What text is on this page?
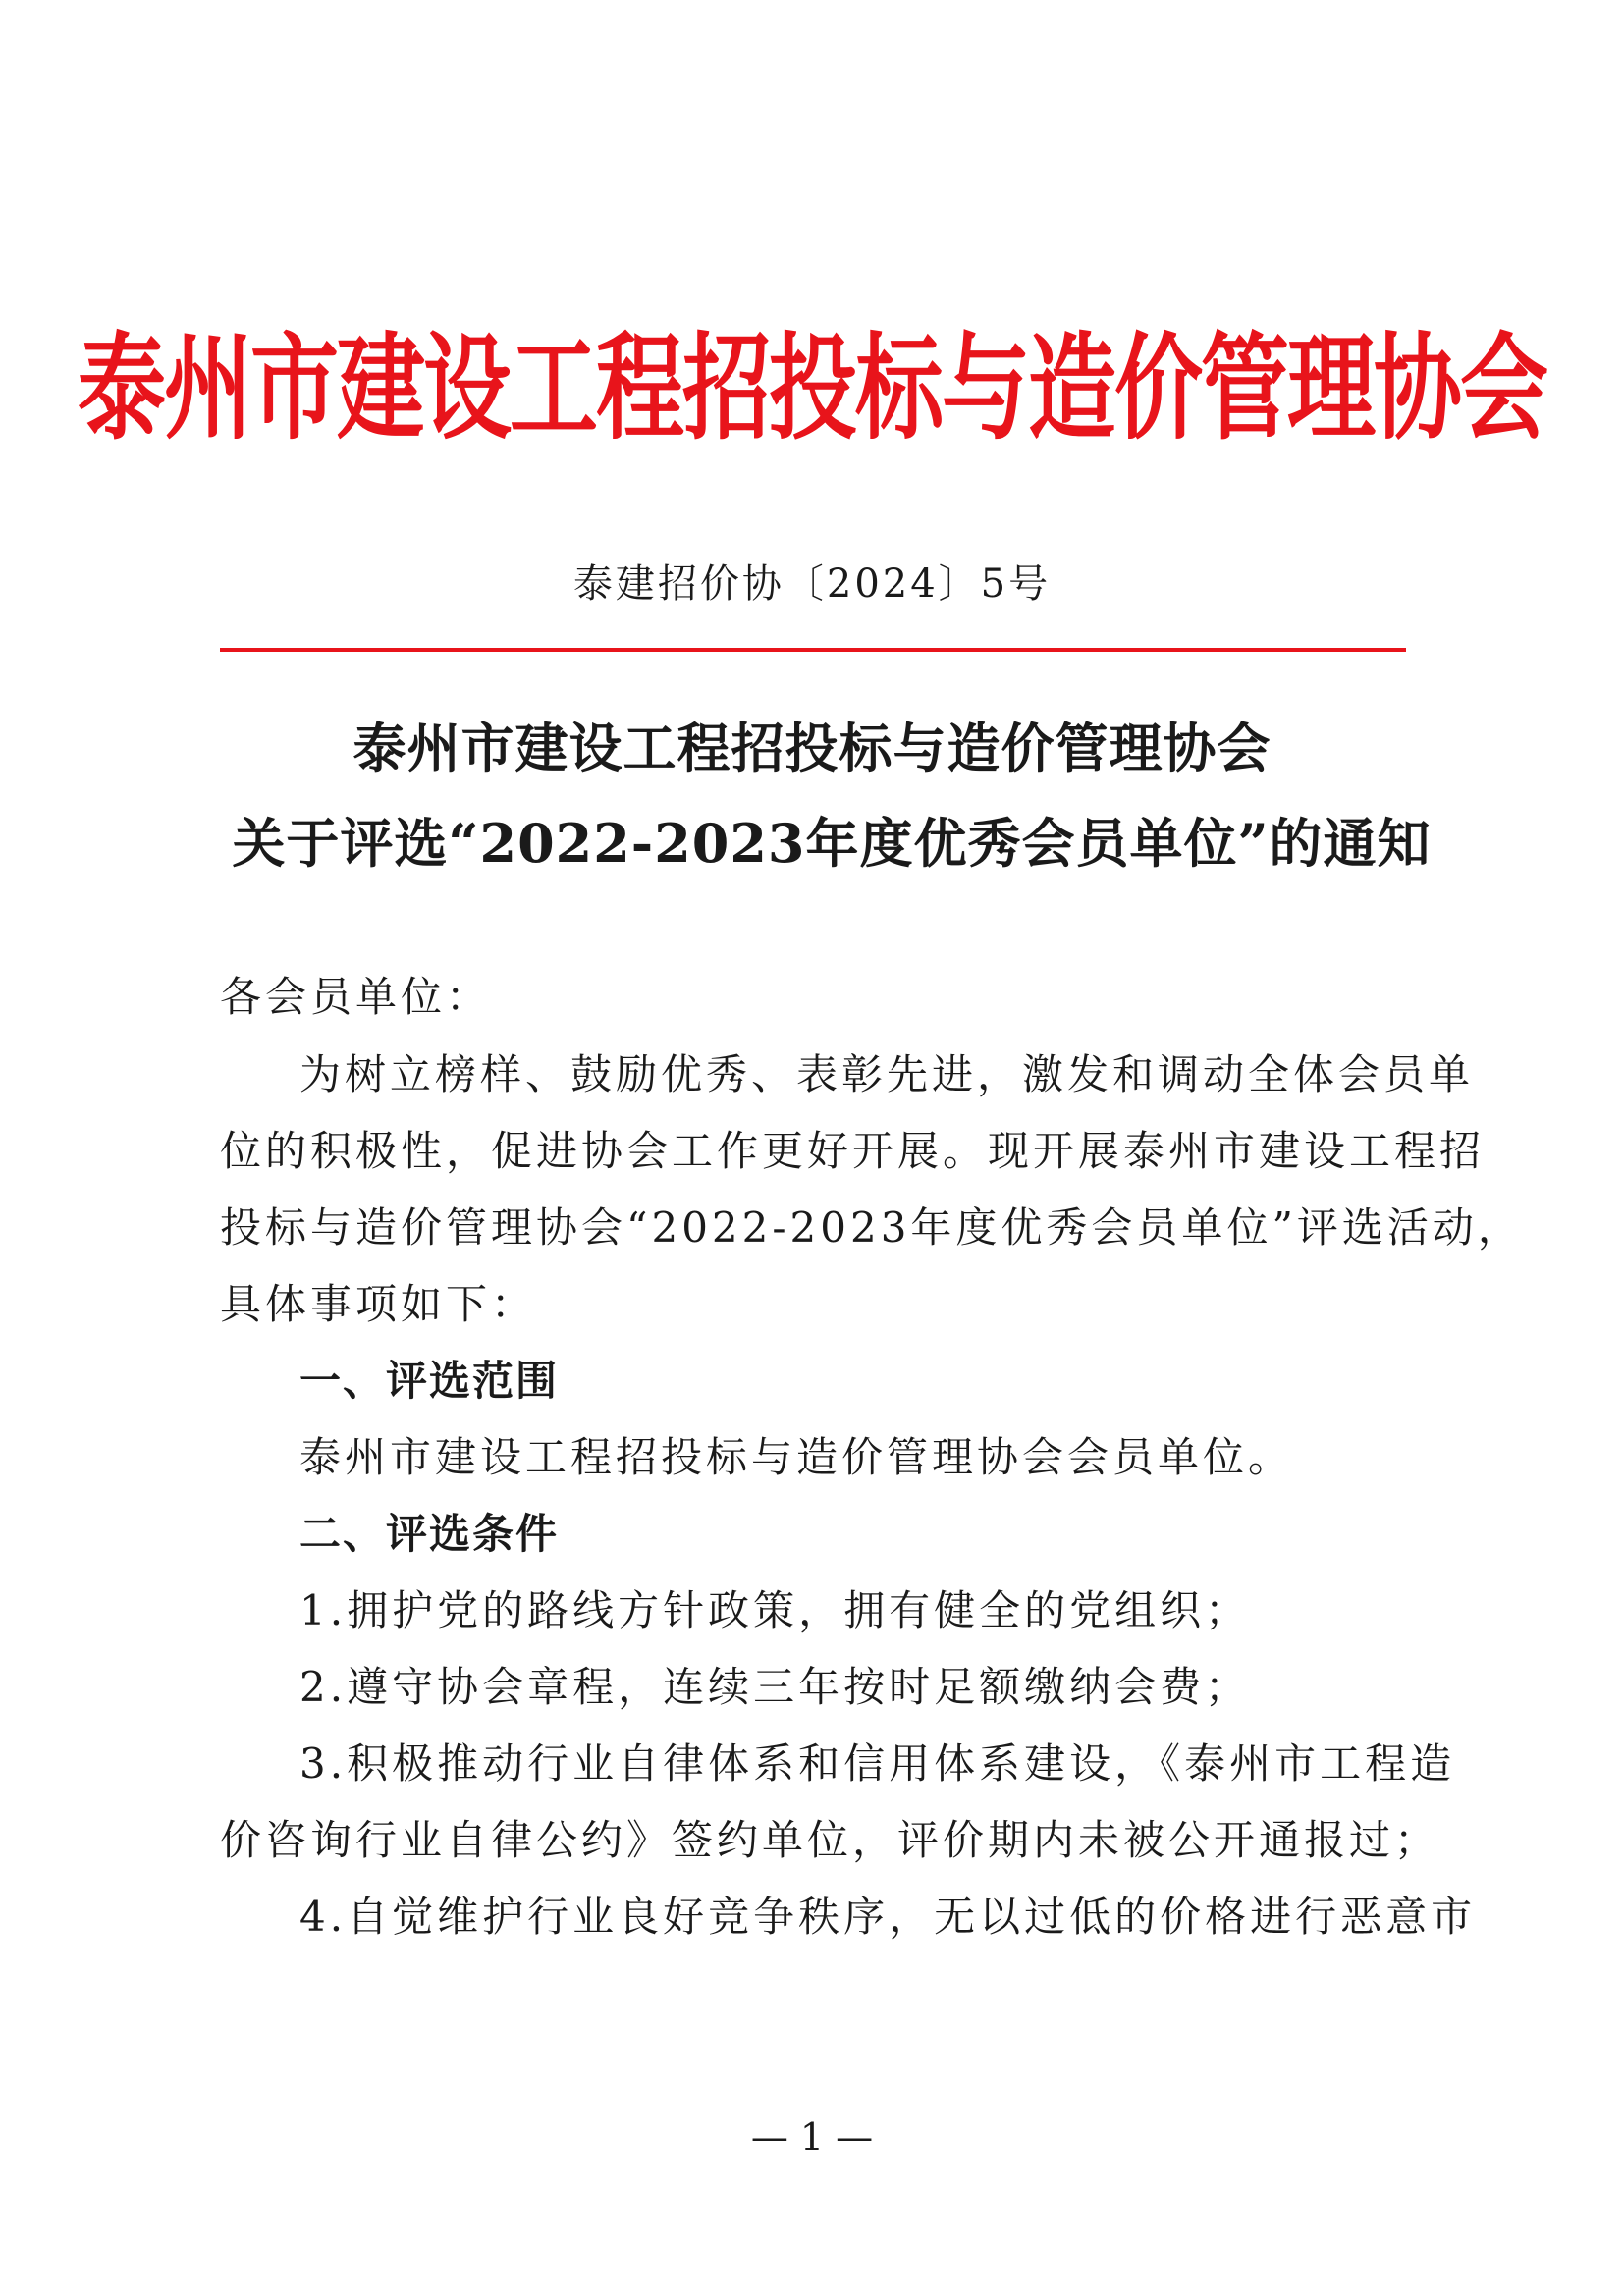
泰州市建设工程招投标与造价管理协会
泰建招价协〔2024〕5号
泰州市建设工程招投标与造价管理协会
关于评选“2022-2023年度优秀会员单位”的通知
各会员单位：
为树立榜样、鼓励优秀、表彰先进，激发和调动全体会员单
位的积极性，促进协会工作更好开展。现开展泰州市建设工程招
投标与造价管理协会“2022-2023年度优秀会员单位”评选活动，
具体事项如下：
一、评选范围
泰州市建设工程招投标与造价管理协会会员单位。
二、评选条件
1.拥护党的路线方针政策，拥有健全的党组织；
2.遵守协会章程，连续三年按时足额缴纳会费；
3.积极推动行业自律体系和信用体系建设，《泰州市工程造
价咨询行业自律公约》签约单位，评价期内未被公开通报过；
4.自觉维护行业良好竞争秩序，无以过低的价格进行恶意市
— 1 —
